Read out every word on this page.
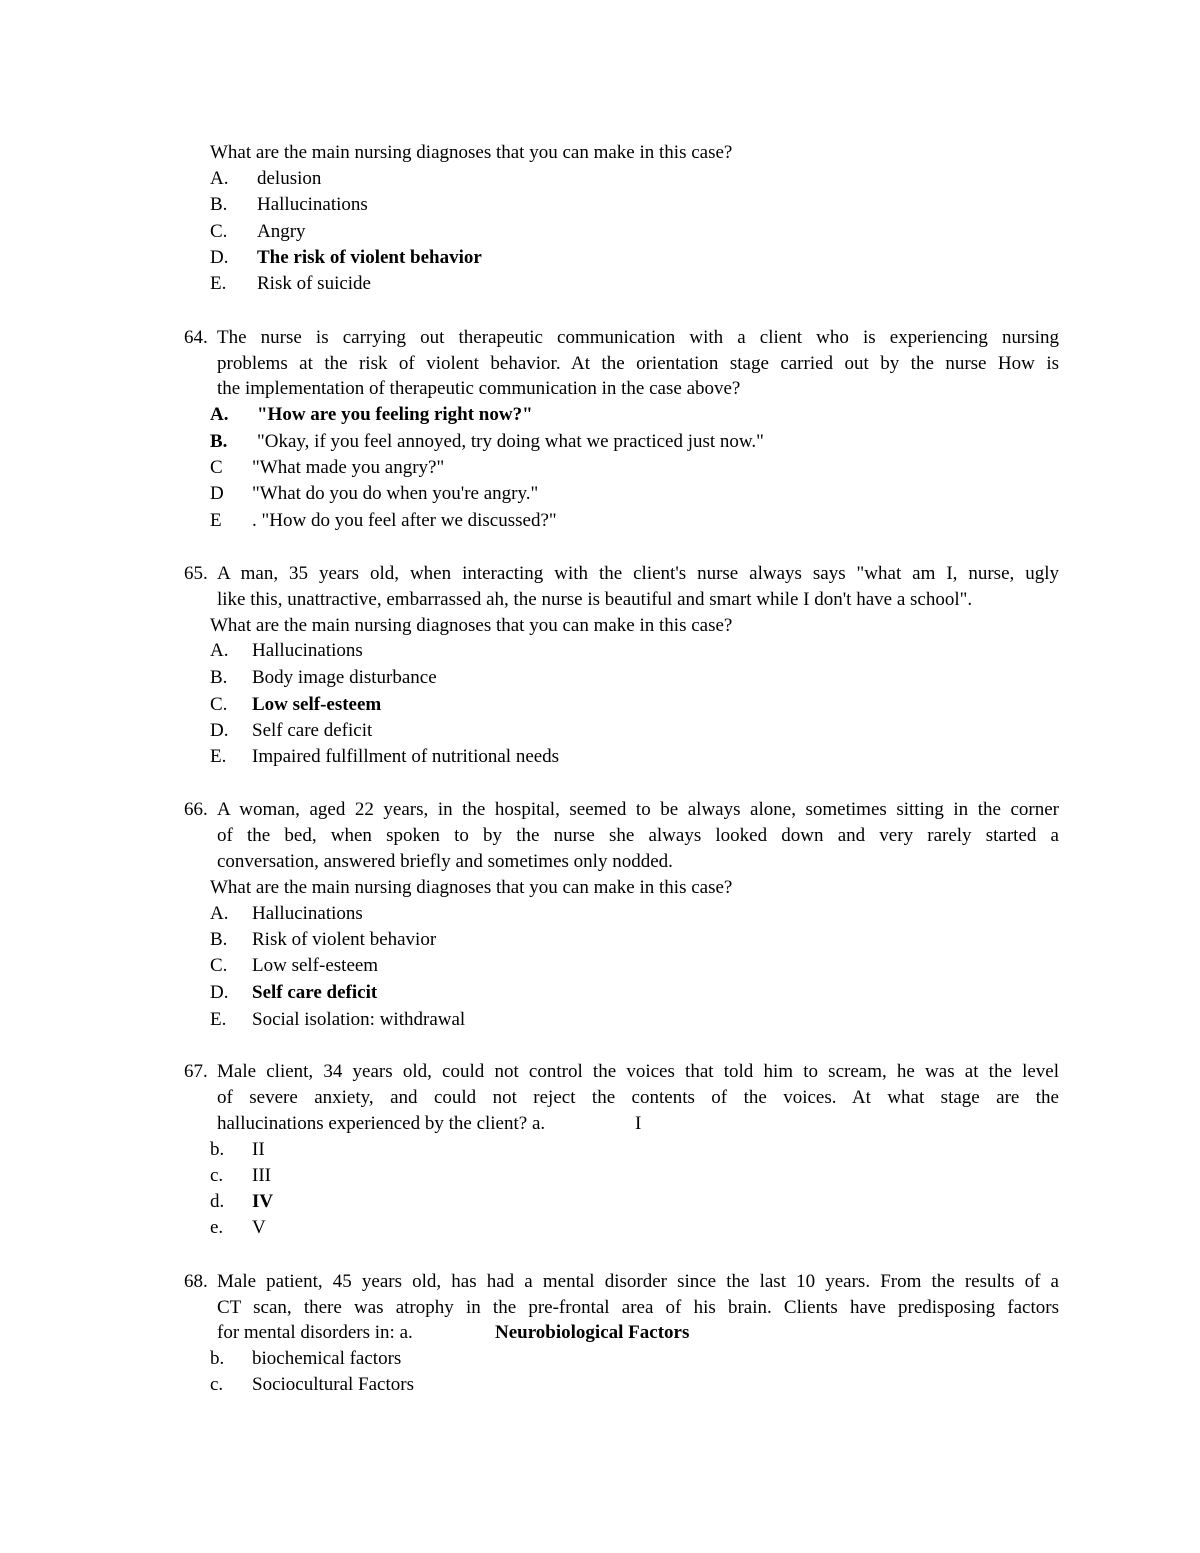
What are the main nursing diagnoses that you can make in this case?
A. delusion
B. Hallucinations
C. Angry
D. The risk of violent behavior
E. Risk of suicide
64. The nurse is carrying out therapeutic communication with a client who is experiencing nursing
problems at the risk of violent behavior. At the orientation stage carried out by the nurse How is
the implementation of therapeutic communication in the case above?
A. "How are you feeling right now?"
B. "Okay, if you feel annoyed, try doing what we practiced just now."
C "What made you angry?"
D "What do you do when you're angry."
E . "How do you feel after we discussed?"
65. A man, 35 years old, when interacting with the client's nurse always says "what am I, nurse, ugly
like this, unattractive, embarrassed ah, the nurse is beautiful and smart while I don't have a school".
What are the main nursing diagnoses that you can make in this case?
A. Hallucinations
B. Body image disturbance
C. Low self-esteem
D. Self care deficit
E. Impaired fulfillment of nutritional needs
66. A woman, aged 22 years, in the hospital, seemed to be always alone, sometimes sitting in the corner
of the bed, when spoken to by the nurse she always looked down and very rarely started a
conversation, answered briefly and sometimes only nodded.
What are the main nursing diagnoses that you can make in this case?
A. Hallucinations
B. Risk of violent behavior
C. Low self-esteem
D. Self care deficit
E. Social isolation: withdrawal
67. Male client, 34 years old, could not control the voices that told him to scream, he was at the level
of severe anxiety, and could not reject the contents of the voices. At what stage are the
hallucinations experienced by the client? a.	I
b. II
c. III
d. IV
e. V
68. Male patient, 45 years old, has had a mental disorder since the last 10 years. From the results of a
CT scan, there was atrophy in the pre-frontal area of his brain. Clients have predisposing factors
for mental disorders in: a.	Neurobiological Factors
b. biochemical factors
c. Sociocultural Factors
